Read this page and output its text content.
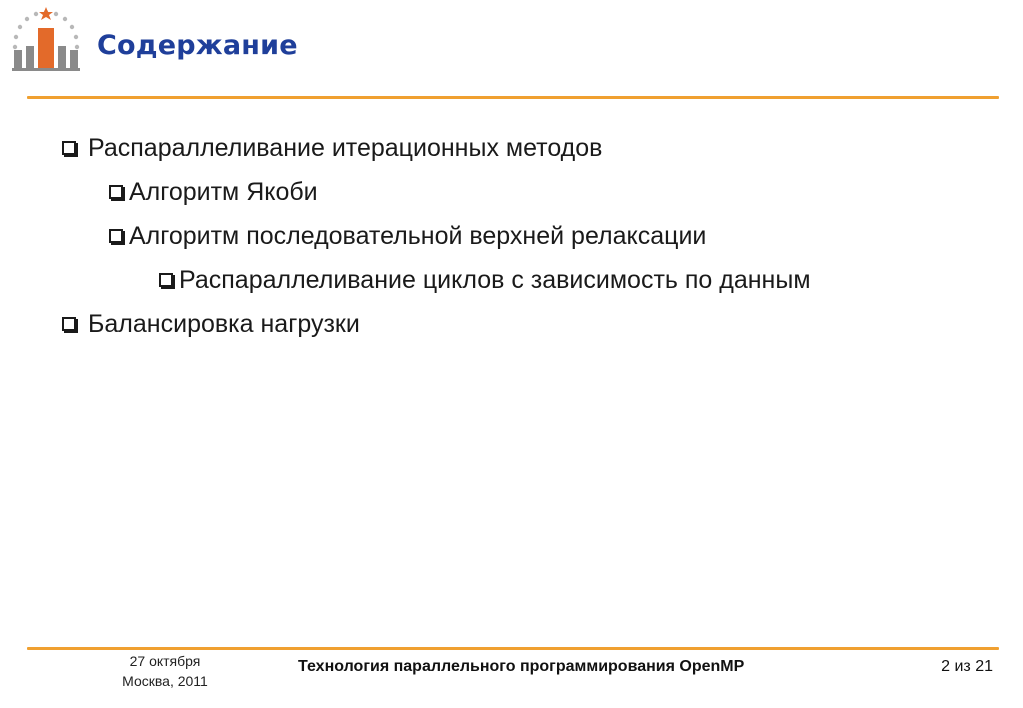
Содержание
Распараллеливание итерационных методов
Алгоритм Якоби
Алгоритм последовательной верхней релаксации
Распараллеливание циклов с зависимость по данным
Балансировка нагрузки
27 октября
Москва, 2011
Технология параллельного программирования OpenMP	2 из 21
